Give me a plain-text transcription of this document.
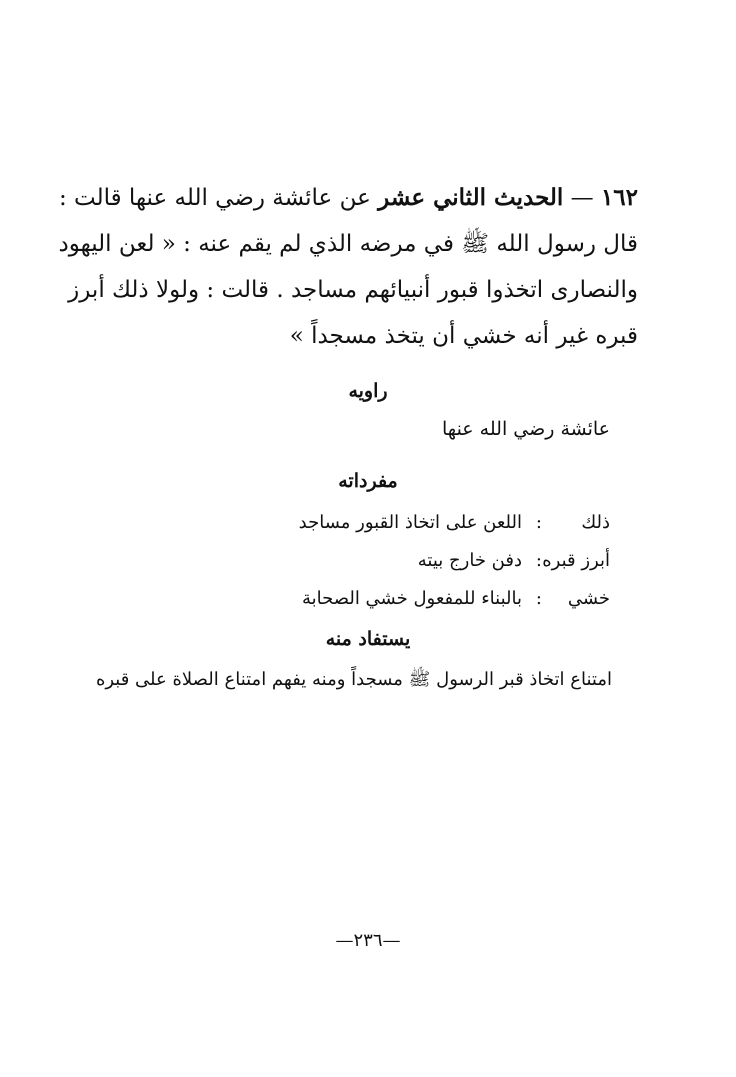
١٦٢ — الحديث الثاني عشر عن عائشة رضي الله عنها قالت :
قال رسول الله ﷺ في مرضه الذي لم يقم عنه : « لعن اليهود
والنصارى اتخذوا قبور أنبيائهم مساجد . قالت : ولولا ذلك أبرز
قبره غير أنه خشي أن يتخذ مسجداً »
راويه
عائشة رضي الله عنها
مفرداته
ذلك
:
اللعن على اتخاذ القبور مساجد
أبرز قبره
:
دفن خارج بيته
خشي
:
بالبناء للمفعول خشي الصحابة
يستفاد منه
امتناع اتخاذ قبر الرسول ﷺ مسجداً ومنه يفهم امتناع الصلاة على قبره
—٢٣٦—
